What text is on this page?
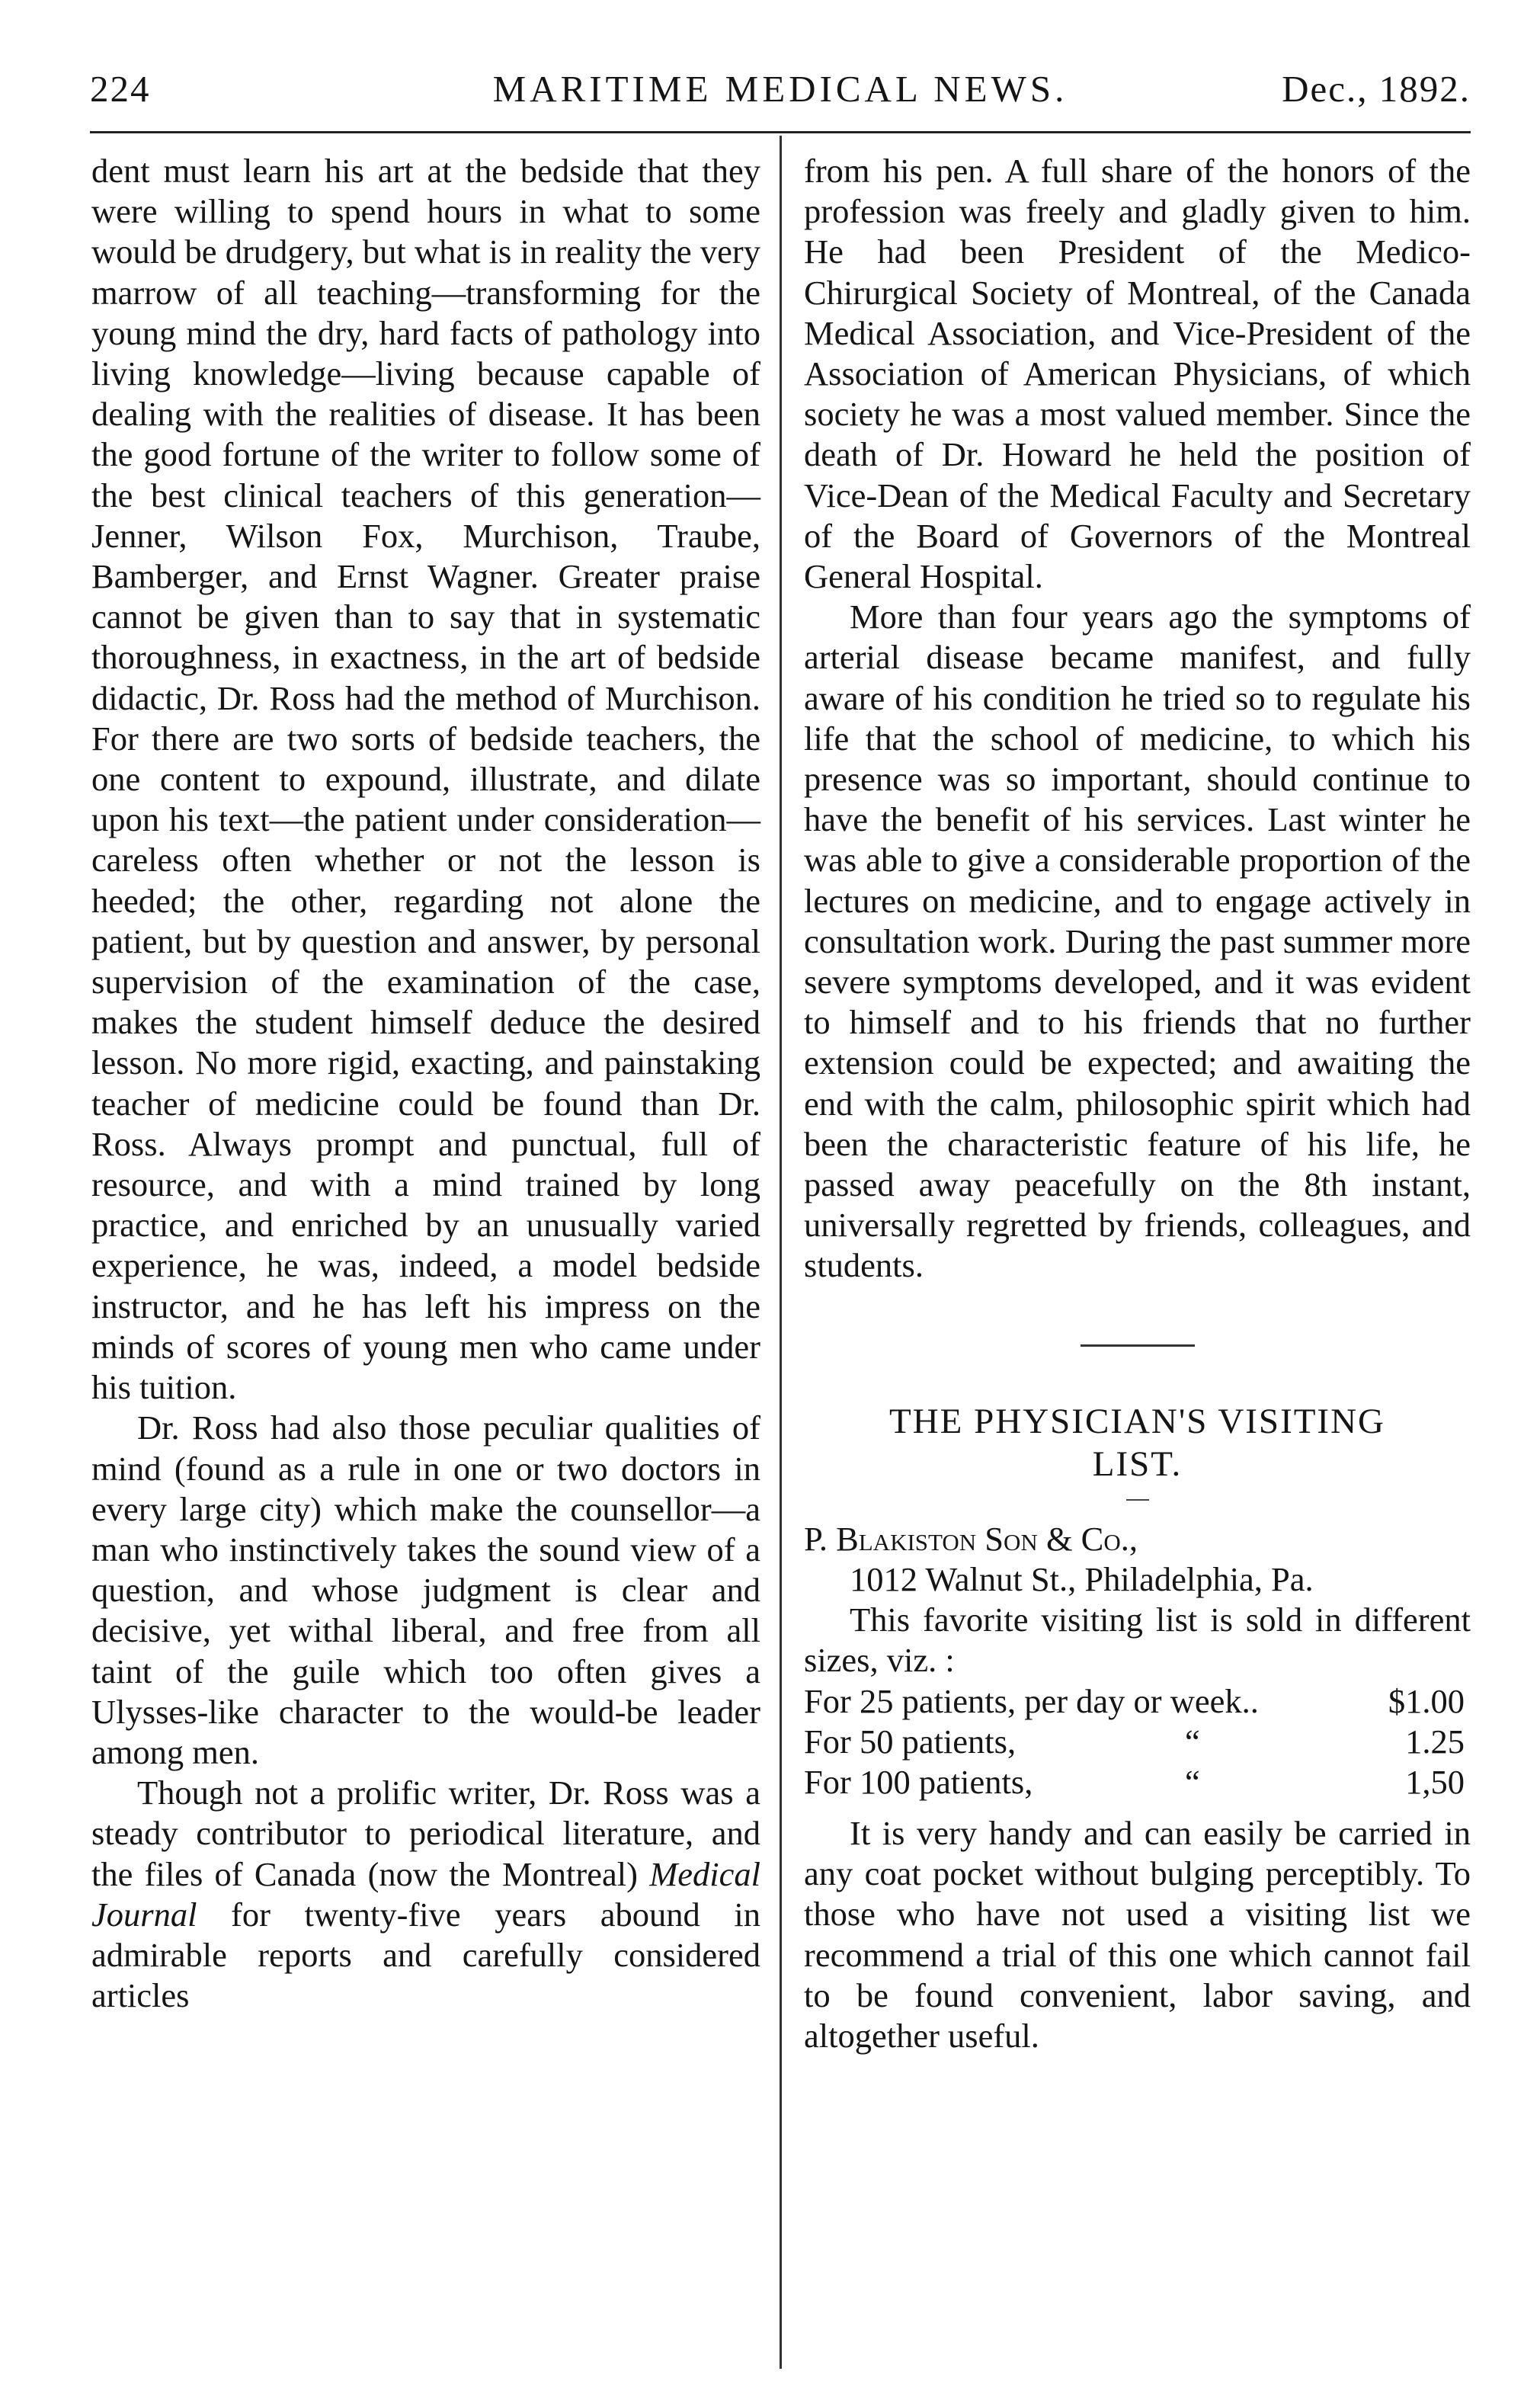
224	MARITIME MEDICAL NEWS.	Dec., 1892.

dent must learn his art at the bedside that they were willing to spend hours in what to some would be drudgery, but what is in reality the very marrow of all teaching—transforming for the young mind the dry, hard facts of pathology into living knowledge—living because capable of dealing with the realities of disease. It has been the good fortune of the writer to follow some of the best clinical teachers of this generation—Jenner, Wilson Fox, Murchison, Traube, Bamberger, and Ernst Wagner. Greater praise cannot be given than to say that in systematic thoroughness, in exactness, in the art of bedside didactic, Dr. Ross had the method of Murchison. For there are two sorts of bedside teachers, the one content to expound, illustrate, and dilate upon his text—the patient under consideration—careless often whether or not the lesson is heeded; the other, regarding not alone the patient, but by question and answer, by personal supervision of the examination of the case, makes the student himself deduce the desired lesson. No more rigid, exacting, and painstaking teacher of medicine could be found than Dr. Ross. Always prompt and punctual, full of resource, and with a mind trained by long practice, and enriched by an unusually varied experience, he was, indeed, a model bedside instructor, and he has left his impress on the minds of scores of young men who came under his tuition.

Dr. Ross had also those peculiar qualities of mind (found as a rule in one or two doctors in every large city) which make the counsellor—a man who instinctively takes the sound view of a question, and whose judgment is clear and decisive, yet withal liberal, and free from all taint of the guile which too often gives a Ulysses-like character to the would-be leader among men.

Though not a prolific writer, Dr. Ross was a steady contributor to periodical literature, and the files of Canada (now the Montreal) Medical Journal for twenty-five years abound in admirable reports and carefully considered articles

from his pen. A full share of the honors of the profession was freely and gladly given to him. He had been President of the Medico-Chirurgical Society of Montreal, of the Canada Medical Association, and Vice-President of the Association of American Physicians, of which society he was a most valued member. Since the death of Dr. Howard he held the position of Vice-Dean of the Medical Faculty and Secretary of the Board of Governors of the Montreal General Hospital.

More than four years ago the symptoms of arterial disease became manifest, and fully aware of his condition he tried so to regulate his life that the school of medicine, to which his presence was so important, should continue to have the benefit of his services. Last winter he was able to give a considerable proportion of the lectures on medicine, and to engage actively in consultation work. During the past summer more severe symptoms developed, and it was evident to himself and to his friends that no further extension could be expected; and awaiting the end with the calm, philosophic spirit which had been the characteristic feature of his life, he passed away peacefully on the 8th instant, universally regretted by friends, colleagues, and students.

THE PHYSICIAN'S VISITING
LIST.
P. Blakiston Son & Co.,
1012 Walnut St., Philadelphia, Pa.

This favorite visiting list is sold in different sizes, viz. :

For 25 patients, per day or week..	$1.00
For 50 patients,	“	1.25
For 100 patients,	“	1,50

It is very handy and can easily be carried in any coat pocket without bulging perceptibly. To those who have not used a visiting list we recommend a trial of this one which cannot fail to be found convenient, labor saving, and altogether useful.
